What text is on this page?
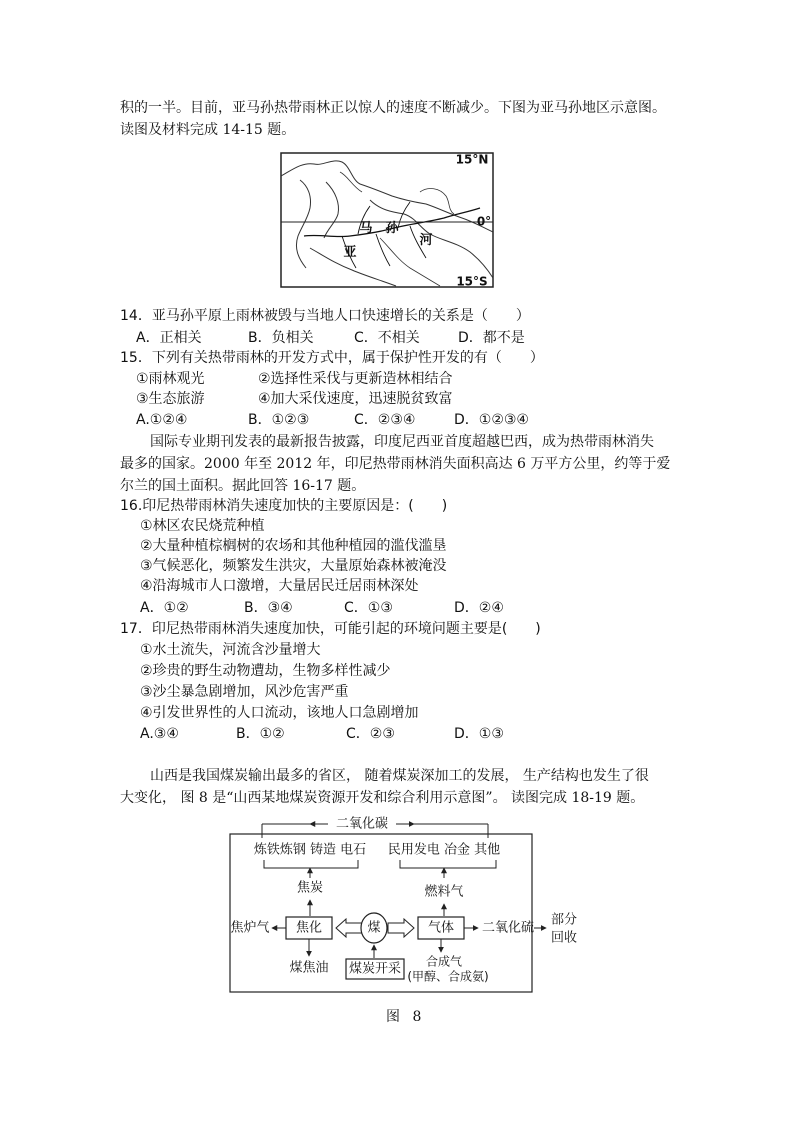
积的一半。目前，亚马孙热带雨林正以惊人的速度不断减少。下图为亚马孙地区示意图。
读图及材料完成 14-15 题。
15°N
0°
15°S
马 孙
河
亚
14．亚马孙平原上雨林被毁与当地人口快速增长的关系是（　　）
A．正相关	B．负相关	C．不相关	D．都不是
15．下列有关热带雨林的开发方式中，属于保护性开发的有（　　）
①雨林观光	②选择性采伐与更新造林相结合
③生态旅游	④加大采伐速度，迅速脱贫致富
A.①②④	B．①②③	C．②③④	D．①②③④
国际专业期刊发表的最新报告披露，印度尼西亚首度超越巴西，成为热带雨林消失
最多的国家。2000 年至 2012 年，印尼热带雨林消失面积高达 6 万平方公里，约等于爱
尔兰的国土面积。据此回答 16-17 题。
16.印尼热带雨林消失速度加快的主要原因是：(　　)
①林区农民烧荒种植
②大量种植棕榈树的农场和其他种植园的滥伐滥垦
③气候恶化，频繁发生洪灾，大量原始森林被淹没
④沿海城市人口激增，大量居民迁居雨林深处
A．①②	B．③④	C．①③	D．②④
17．印尼热带雨林消失速度加快，可能引起的环境问题主要是(　　)
①水土流失，河流含沙量增大
②珍贵的野生动物遭劫，生物多样性减少
③沙尘暴急剧增加，风沙危害严重
④引发世界性的人口流动，该地人口急剧增加
A.③④	B．①②	C．②③	D．①③
山西是我国煤炭输出最多的省区， 随着煤炭深加工的发展， 生产结构也发生了很
大变化， 图 8 是“山西某地煤炭资源开发和综合利用示意图”。 读图完成 18-19 题。
二氧化碳
炼铁炼钢 铸造 电石 民用发电 冶金 其他
焦炭	燃料气
焦炉气 焦化	煤	气体 二氧化硫
部分
回收
煤焦油 煤炭开采 合成气
(甲醇、合成氨)
图 8
